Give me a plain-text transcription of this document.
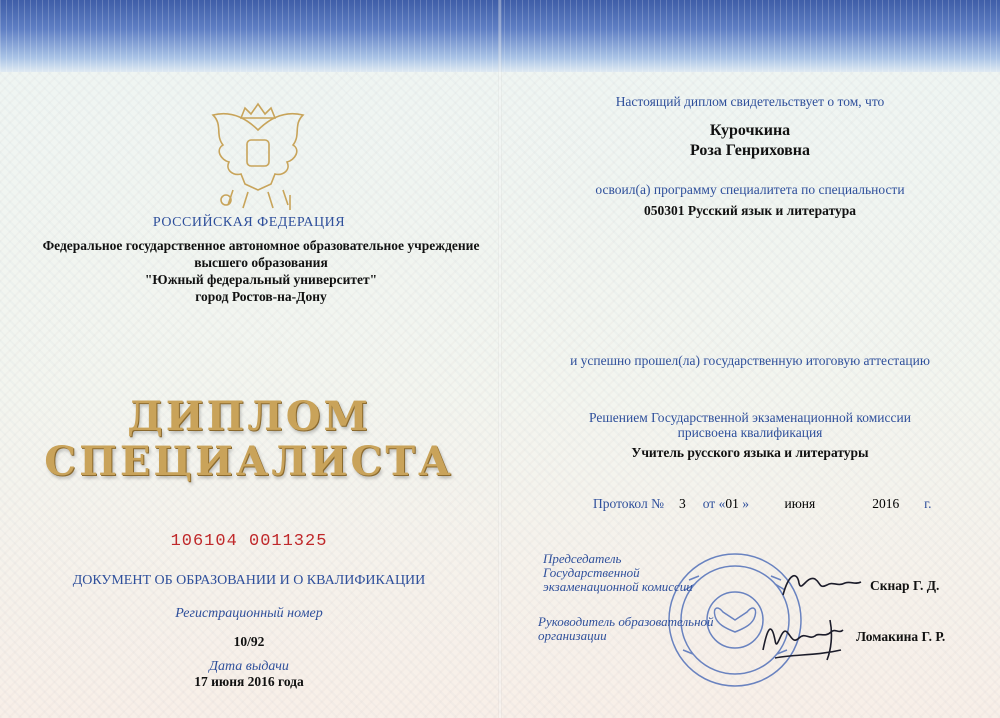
РОССИЙСКАЯ ФЕДЕРАЦИЯ
Федеральное государственное автономное образовательное учреждение
высшего образования
"Южный федеральный университет"
город Ростов-на-Дону
ДИПЛОМ
СПЕЦИАЛИСТА
106104 0011325
ДОКУМЕНТ ОБ ОБРАЗОВАНИИ И О КВАЛИФИКАЦИИ
Регистрационный номер
10/92
Дата выдачи
17 июня 2016 года
Настоящий диплом свидетельствует о том, что
Курочкина
Роза Генриховна
освоил(а) программу специалитета по специальности
050301 Русский язык и литература
и успешно прошел(ла) государственную итоговую аттестацию
Решением Государственной экзаменационной комиссии
присвоена квалификация
Учитель русского языка и литературы
Протокол № 3 от «01 »	июня	2016 г.
Председатель Государственной экзаменационной комиссии	Скнар Г. Д.
Руководитель образовательной организации	Ломакина Г. Р.
